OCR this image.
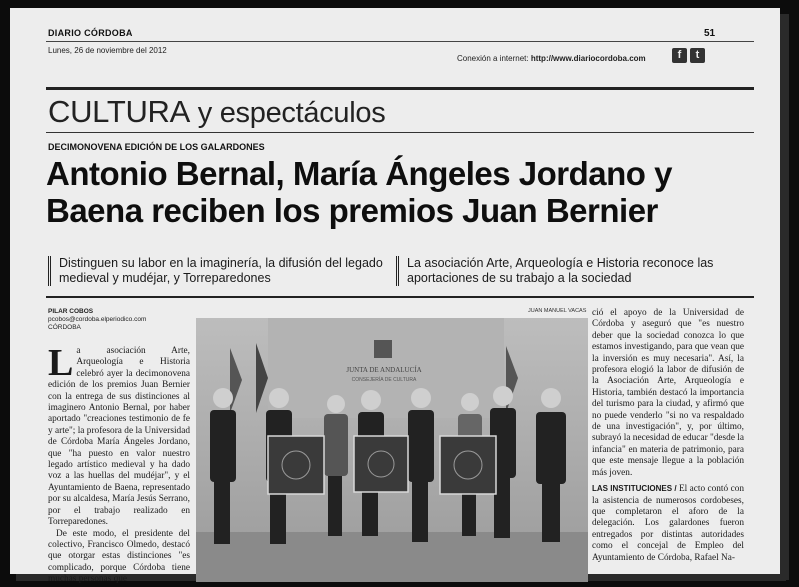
DIARIO CÓRDOBA	51
Lunes, 26 de noviembre del 2012
Conexión a internet: http://www.diariocordoba.com	f	t
CULTURA y espectáculos
DECIMONOVENA EDICIÓN DE LOS GALARDONES
Antonio Bernal, María Ángeles Jordano y
Baena reciben los premios Juan Bernier
Distinguen su labor en la imaginería, la difusión del legado medieval y mudéjar, y Torreparedones
La asociación Arte, Arqueología e Historia reconoce las aportaciones de su trabajo a la sociedad
PILAR COBOS
pcobos@cordoba.elperiodico.com
CÓRDOBA
La asociación Arte, Arqueología e Historia celebró ayer la decimonovena edición de los premios Juan Bernier con la entrega de sus distinciones al imaginero Antonio Bernal, por haber aportado "creaciones testimonio de fe y arte"; la profesora de la Universidad de Córdoba María Ángeles Jordano, que "ha puesto en valor nuestro legado artístico medieval y ha dado voz a las huellas del mudéjar", y el Ayuntamiento de Baena, representado por su alcaldesa, María Jesús Serrano, por el trabajo realizado en Torreparedones.
De este modo, el presidente del colectivo, Francisco Olmedo, destacó que otorgar estas distinciones "es complicado, porque Córdoba tiene muchas personas que
JUAN MANUEL VACAS
JUNTA DE ANDALUCÍA
CONSEJERÍA DE CULTURA
ció el apoyo de la Universidad de Córdoba y aseguró que "es nuestro deber que la sociedad conozca lo que estamos investigando, para que vean que la inversión es muy necesaria". Así, la profesora elogió la labor de difusión de la Asociación Arte, Arqueología e Historia, también destacó la importancia del turismo para la ciudad, y afirmó que no puede venderlo "si no va respaldado de una investigación", y, por último, subrayó la necesidad de educar "desde la infancia" en materia de patrimonio, para que este mensaje llegue a la población más joven.
LAS INSTITUCIONES / El acto contó con la asistencia de numerosos cordobeses, que completaron el aforo de la delegación. Los galardones fueron entregados por distintas autoridades como el concejal de Empleo del Ayuntamiento de Córdoba, Rafael Na-
